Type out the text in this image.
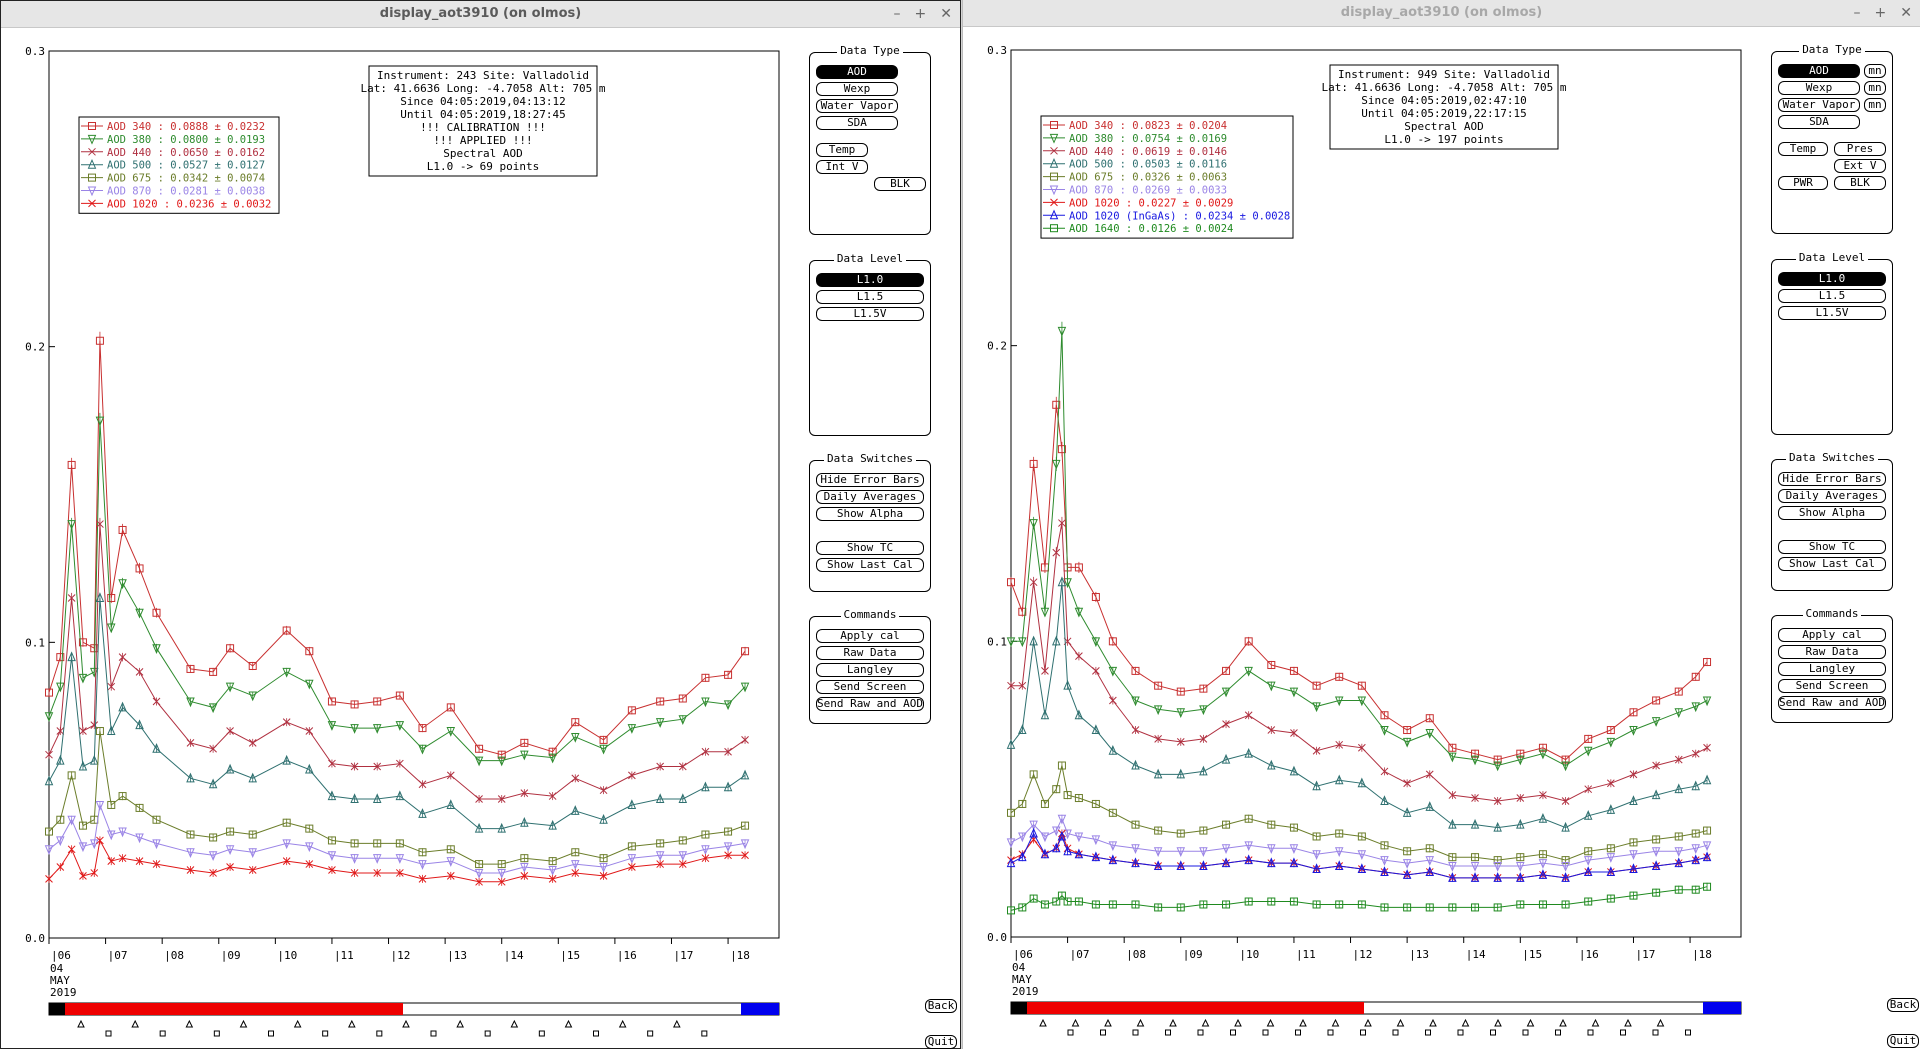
display_aot3910 (on olmos)	– + ✕
0.0
0.1
0.2
0.3
|06	|07	|08	|09	|10	|11	|12	|13	|14	|15	|16	|17	|18
04
MAY
2019
Instrument: 243 Site: Valladolid
Lat: 41.6636 Long: -4.7058 Alt: 705 m
Since 04:05:2019,04:13:12
Until 04:05:2019,18:27:45
!!! CALIBRATION !!!
!!! APPLIED !!!
Spectral AOD
L1.0 -> 69 points
AOD 340 : 0.0888 ± 0.0232
AOD 380 : 0.0800 ± 0.0193
AOD 440 : 0.0650 ± 0.0162
AOD 500 : 0.0527 ± 0.0127
AOD 675 : 0.0342 ± 0.0074
AOD 870 : 0.0281 ± 0.0038
AOD 1020 : 0.0236 ± 0.0032
Data Type
AOD
Wexp
Water Vapor
SDA
Temp
Int V
BLK
Data Level
L1.0
L1.5
L1.5V
Data Switches
Hide Error Bars
Daily Averages
Show Alpha
Show TC
Show Last Cal
Commands
Apply cal
Raw Data
Langley
Send Screen
Send Raw and AOD
Back
Quit
display_aot3910 (on olmos)	– + ✕
0.0
0.1
0.2
0.3
|06	|07	|08	|09	|10	|11	|12	|13	|14	|15	|16	|17	|18
04
MAY
2019
Instrument: 949 Site: Valladolid
Lat: 41.6636 Long: -4.7058 Alt: 705 m
Since 04:05:2019,02:47:10
Until 04:05:2019,22:17:15
Spectral AOD
L1.0 -> 197 points
AOD 340 : 0.0823 ± 0.0204
AOD 380 : 0.0754 ± 0.0169
AOD 440 : 0.0619 ± 0.0146
AOD 500 : 0.0503 ± 0.0116
AOD 675 : 0.0326 ± 0.0063
AOD 870 : 0.0269 ± 0.0033
AOD 1020 : 0.0227 ± 0.0029
AOD 1020 (InGaAs) : 0.0234 ± 0.0028
AOD 1640 : 0.0126 ± 0.0024
Data Type
AOD	mn
Wexp	mn
Water Vapor	mn
SDA
Temp	Pres
Ext V
PWR	BLK
Data Level
L1.0
L1.5
L1.5V
Data Switches
Hide Error Bars
Daily Averages
Show Alpha
Show TC
Show Last Cal
Commands
Apply cal
Raw Data
Langley
Send Screen
Send Raw and AOD
Back
Quit
